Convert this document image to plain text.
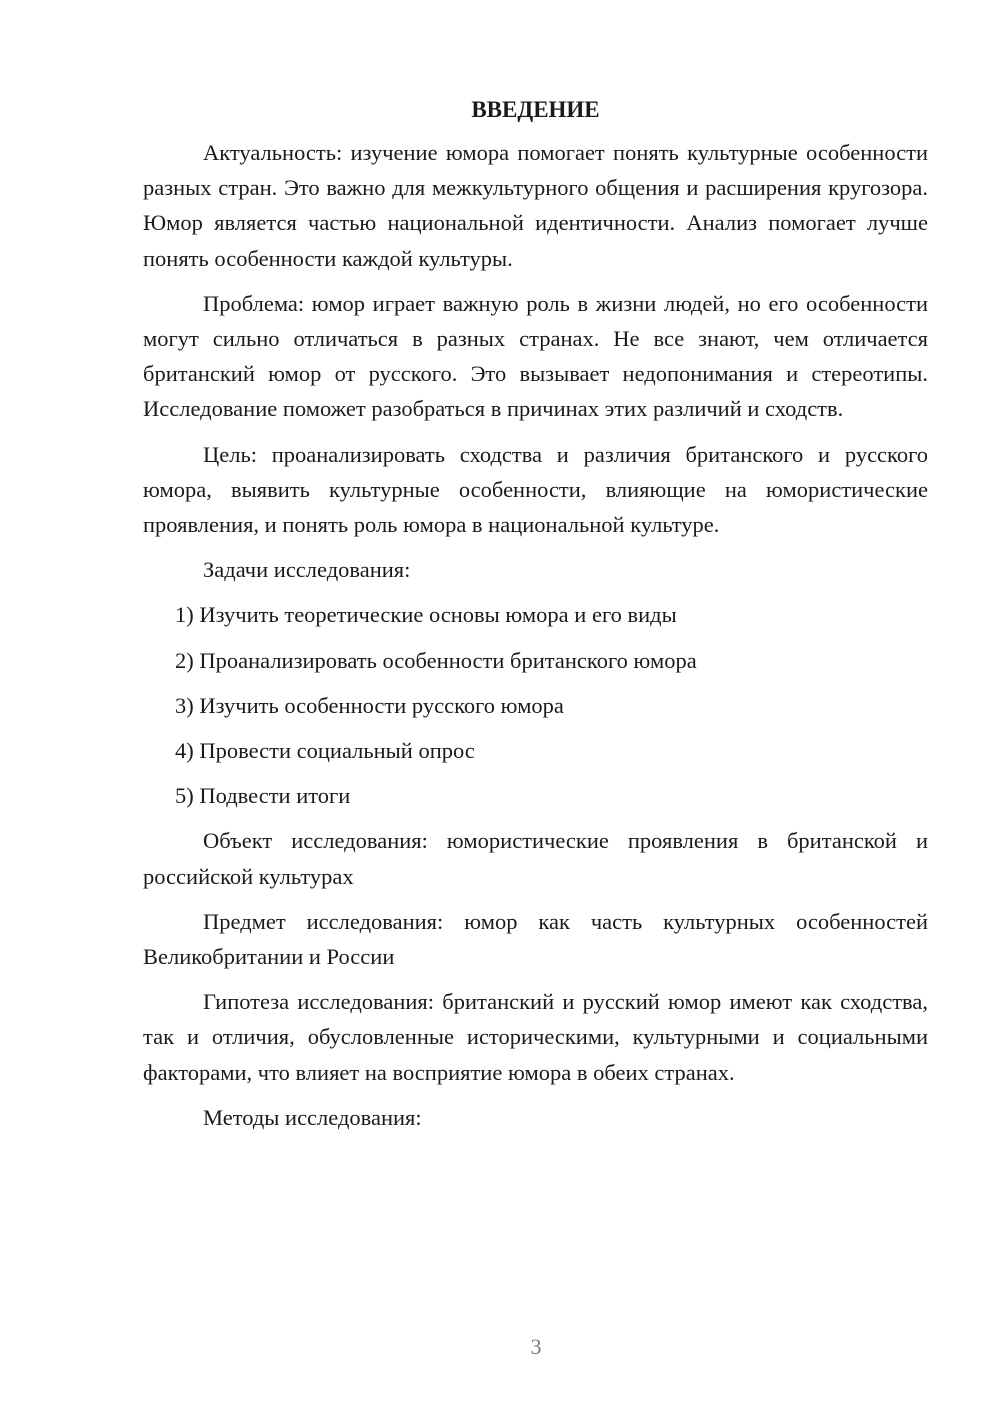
ВВЕДЕНИЕ

Актуальность: изучение юмора помогает понять культурные особенности разных стран. Это важно для межкультурного общения и расширения кругозора. Юмор является частью национальной идентичности. Анализ помогает лучше понять особенности каждой культуры.

Проблема: юмор играет важную роль в жизни людей, но его особенности могут сильно отличаться в разных странах. Не все знают, чем отличается британский юмор от русского. Это вызывает недопонимания и стереотипы. Исследование поможет разобраться в причинах этих различий и сходств.

Цель: проанализировать сходства и различия британского и русского юмора, выявить культурные особенности, влияющие на юмористические проявления, и понять роль юмора в национальной культуре.

Задачи исследования:

1) Изучить теоретические основы юмора и его виды
2) Проанализировать особенности британского юмора
3) Изучить особенности русского юмора
4) Провести социальный опрос
5) Подвести итоги

Объект исследования: юмористические проявления в британской и российской культурах

Предмет исследования: юмор как часть культурных особенностей Великобритании и России

Гипотеза исследования: британский и русский юмор имеют как сходства, так и отличия, обусловленные историческими, культурными и социальными факторами, что влияет на восприятие юмора в обеих странах.

Методы исследования:

3
